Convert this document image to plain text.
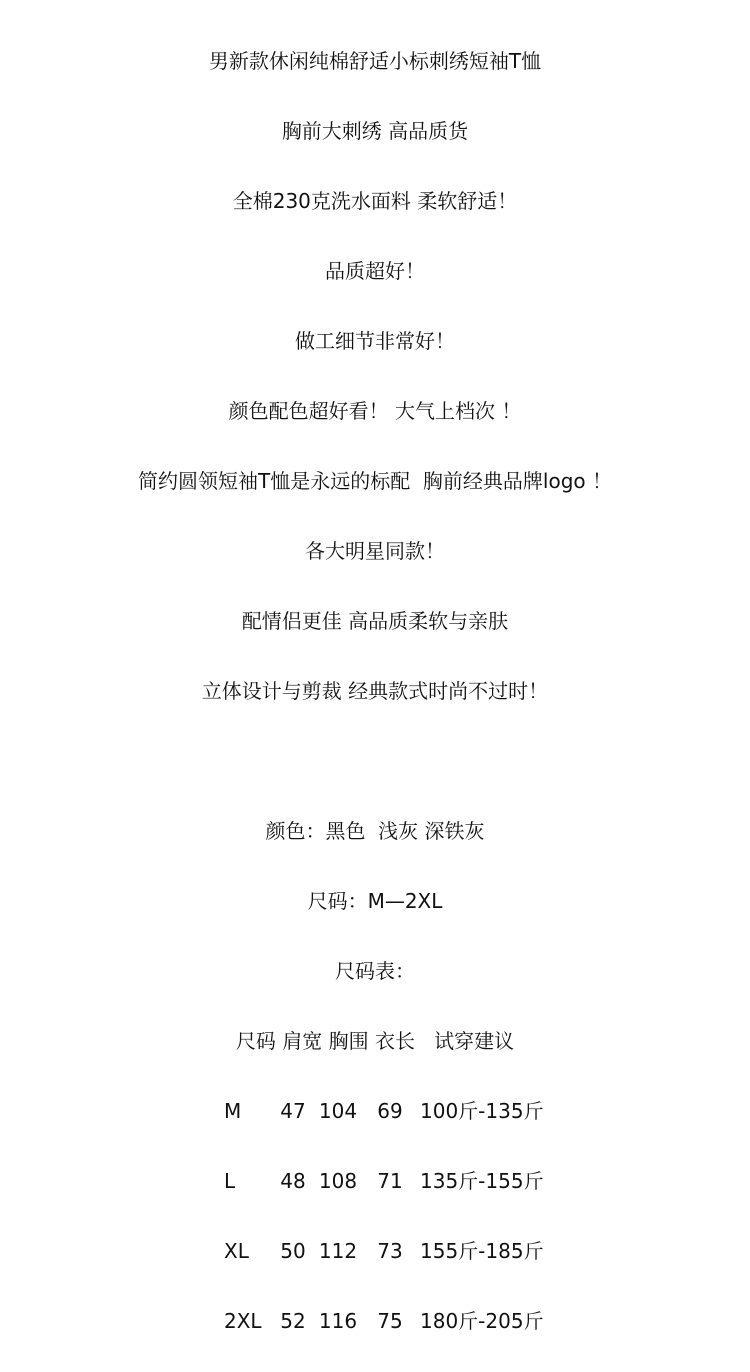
男新款休闲纯棉舒适小标刺绣短袖T恤
胸前大刺绣 高品质货
全棉230克洗水面料 柔软舒适！
品质超好！
做工细节非常好！
颜色配色超好看！ 大气上档次 ！
简约圆领短袖T恤是永远的标配  胸前经典品牌logo ！
各大明星同款！
配情侣更佳 高品质柔软与亲肤
立体设计与剪裁 经典款式时尚不过时！
颜色：黑色  浅灰 深铁灰
尺码：M—2XL
尺码表：
尺码 肩宽 胸围 衣长   试穿建议
M	47 104	69 100斤-135斤
L	48 108	71 135斤-155斤
XL	50 112	73 155斤-185斤
2XL 52 116	75 180斤-205斤
